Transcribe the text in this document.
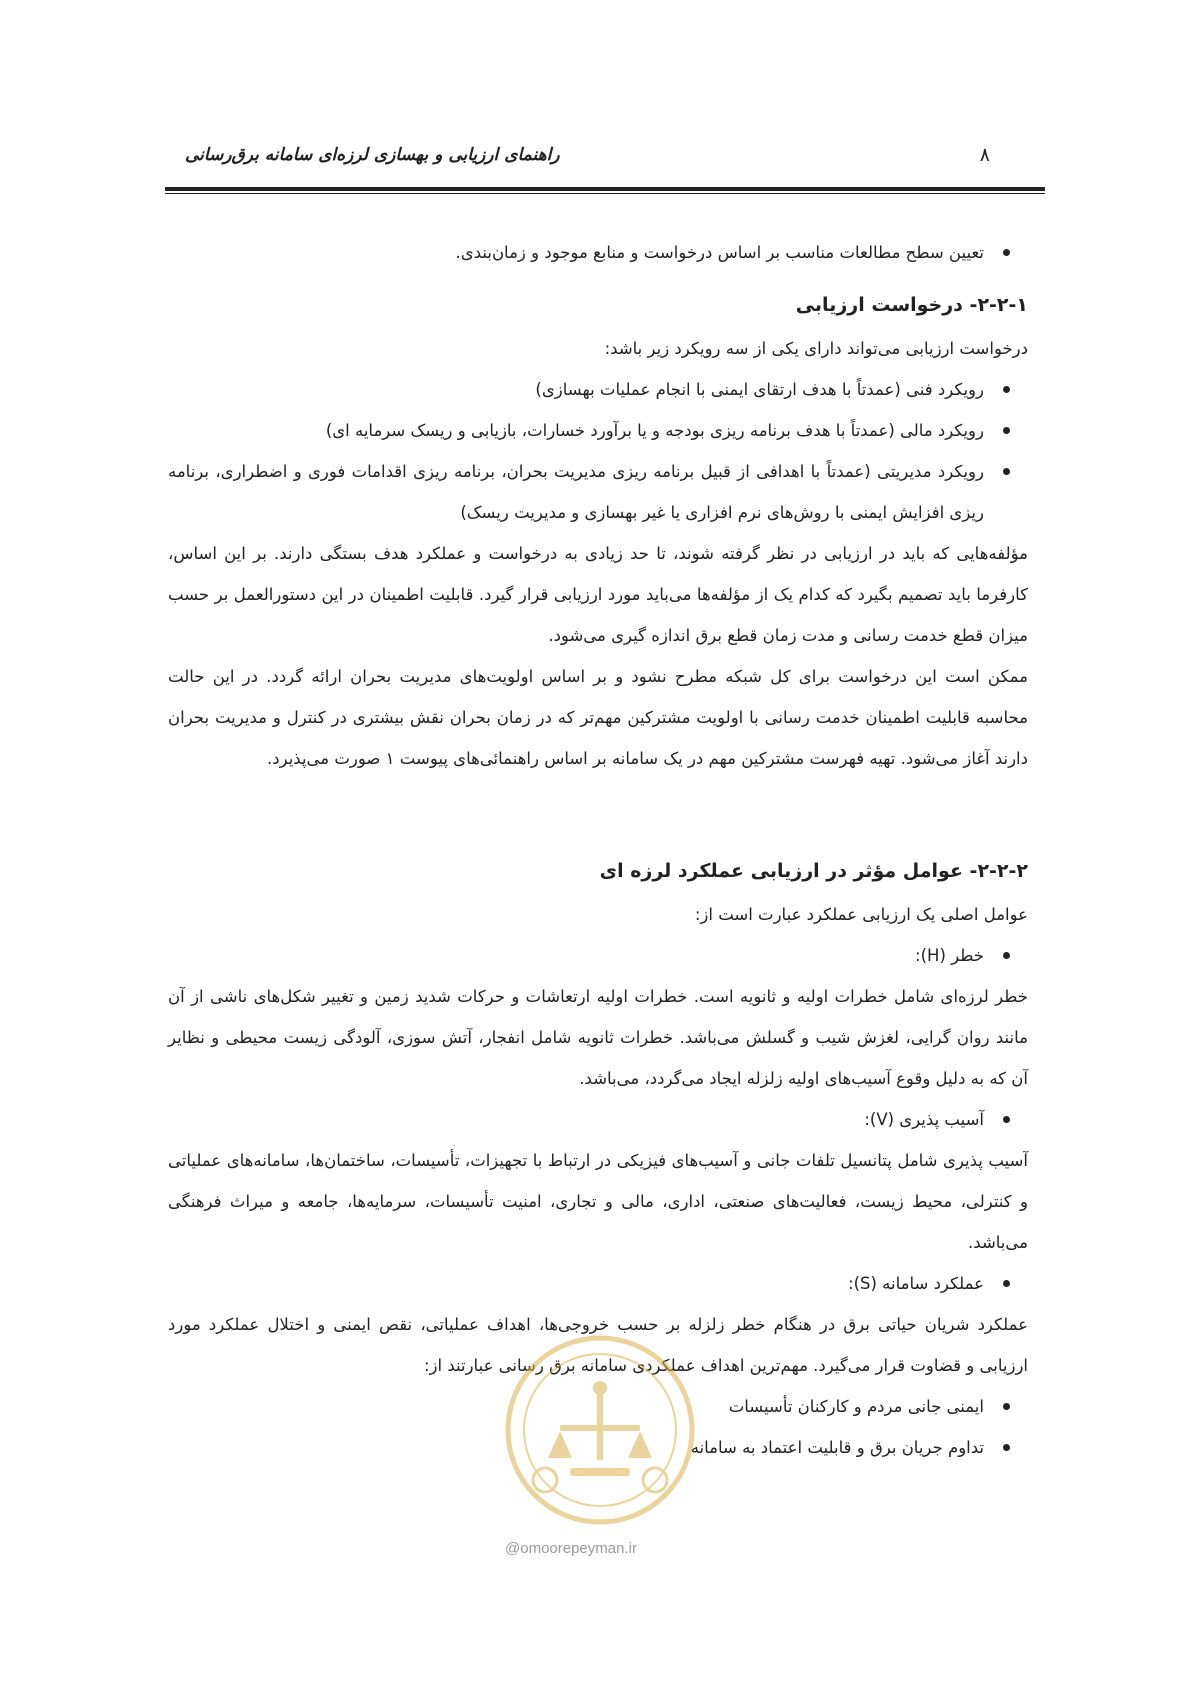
راهنمای ارزیابی و بهسازی لرزه‌ای سامانه برق‌رسانی	۸

تعیین سطح مطالعات مناسب بر اساس درخواست و منابع موجود و زمان‌بندی.

۲-۲-۱- درخواست ارزیابی

درخواست ارزیابی می‌تواند دارای یکی از سه رویکرد زیر باشد:

رویکرد فنی (عمدتاً با هدف ارتقای ایمنی با انجام عملیات بهسازی)

رویکرد مالی (عمدتاً با هدف برنامه ریزی بودجه و یا برآورد خسارات، بازیابی و ریسک سرمایه ای)

رویکرد مدیریتی (عمدتاً با اهدافی از قبیل برنامه ریزی مدیریت بحران، برنامه ریزی اقدامات فوری و اضطراری، برنامه ریزی افزایش ایمنی با روش‌های نرم افزاری یا غیر بهسازی و مدیریت ریسک)

مؤلفه‌هایی که باید در ارزیابی در نظر گرفته شوند، تا حد زیادی به درخواست و عملکرد هدف بستگی دارند. بر این اساس، کارفرما باید تصمیم بگیرد که کدام یک از مؤلفه‌ها می‌باید مورد ارزیابی قرار گیرد. قابلیت اطمینان در این دستورالعمل بر حسب میزان قطع خدمت رسانی و مدت زمان قطع برق اندازه گیری می‌شود.

ممکن است این درخواست برای کل شبکه مطرح نشود و بر اساس اولویت‌های مدیریت بحران ارائه گردد. در این حالت محاسبه قابلیت اطمینان خدمت رسانی با اولویت مشترکین مهم‌تر که در زمان بحران نقش بیشتری در کنترل و مدیریت بحران دارند آغاز می‌شود. تهیه فهرست مشترکین مهم در یک سامانه بر اساس راهنمائی‌های پیوست ۱ صورت می‌پذیرد.

۲-۲-۲- عوامل مؤثر در ارزیابی عملکرد لرزه ای

عوامل اصلی یک ارزیابی عملکرد عبارت است از:

خطر (H):

خطر لرزه‌ای شامل خطرات اولیه و ثانویه است. خطرات اولیه ارتعاشات و حرکات شدید زمین و تغییر شکل‌های ناشی از آن مانند روان گرایی، لغزش شیب و گسلش می‌باشد. خطرات ثانویه شامل انفجار، آتش سوزی، آلودگی زیست محیطی و نظایر آن که به دلیل وقوع آسیب‌های اولیه زلزله ایجاد می‌گردد، می‌باشد.

آسیب پذیری (V):

آسیب پذیری شامل پتانسیل تلفات جانی و آسیب‌های فیزیکی در ارتباط با تجهیزات، تأسیسات، ساختمان‌ها، سامانه‌های عملیاتی و کنترلی، محیط زیست، فعالیت‌های صنعتی، اداری، مالی و تجاری، امنیت تأسیسات، سرمایه‌ها، جامعه و میراث فرهنگی می‌باشد.

عملکرد سامانه (S):

عملکرد شریان حیاتی برق در هنگام خطر زلزله بر حسب خروجی‌ها، اهداف عملیاتی، نقص ایمنی و اختلال عملکرد مورد ارزیابی و قضاوت قرار می‌گیرد. مهم‌ترین اهداف عملکردی سامانه برق رسانی عبارتند از:

ایمنی جانی مردم و کارکنان تأسیسات

تداوم جریان برق و قابلیت اعتماد به سامانه

@omoorepeyman.ir
